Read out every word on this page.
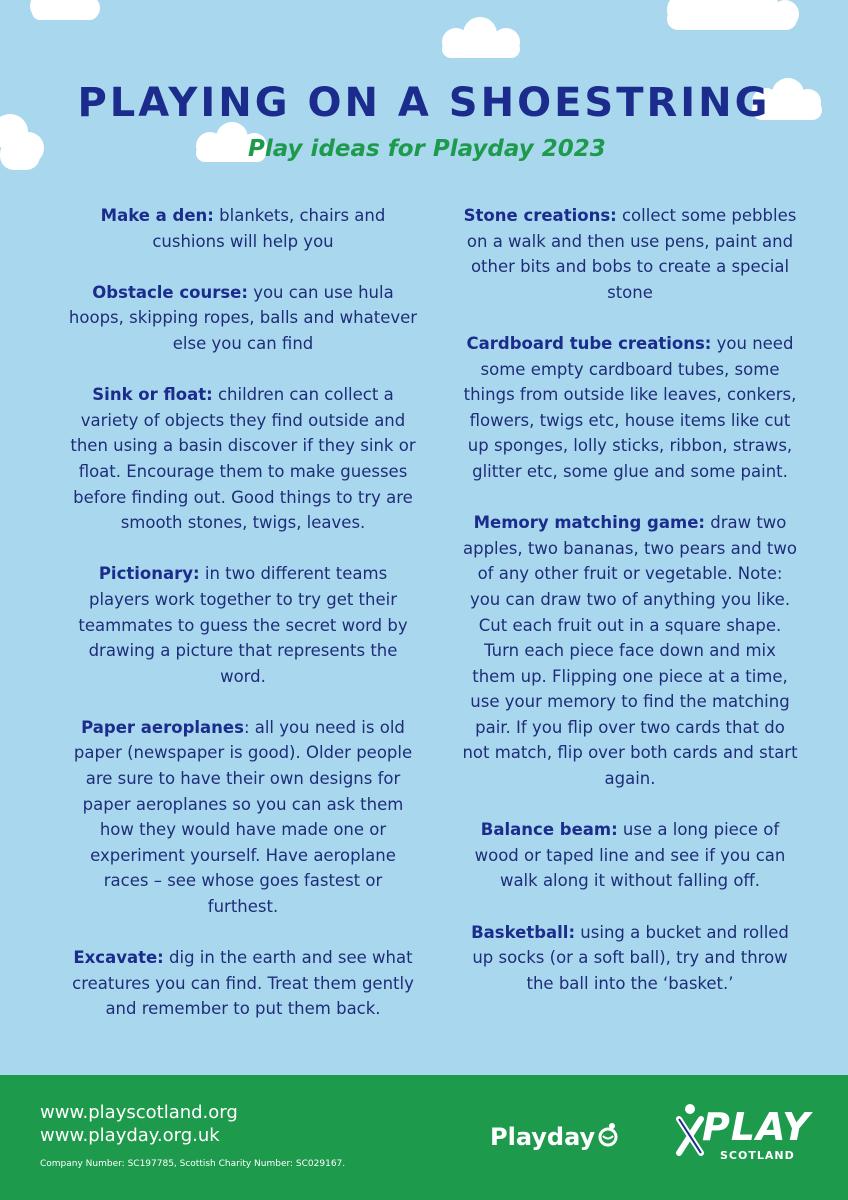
PLAYING ON A SHOESTRING
Play ideas for Playday 2023
Make a den: blankets, chairs and cushions will help you
Obstacle course: you can use hula hoops, skipping ropes, balls and whatever else you can find
Sink or float: children can collect a variety of objects they find outside and then using a basin discover if they sink or float. Encourage them to make guesses before finding out. Good things to try are smooth stones, twigs, leaves.
Pictionary: in two different teams players work together to try get their teammates to guess the secret word by drawing a picture that represents the word.
Paper aeroplanes: all you need is old paper (newspaper is good). Older people are sure to have their own designs for paper aeroplanes so you can ask them how they would have made one or experiment yourself. Have aeroplane races – see whose goes fastest or furthest.
Excavate: dig in the earth and see what creatures you can find. Treat them gently and remember to put them back.
Stone creations: collect some pebbles on a walk and then use pens, paint and other bits and bobs to create a special stone
Cardboard tube creations: you need some empty cardboard tubes, some things from outside like leaves, conkers, flowers, twigs etc, house items like cut up sponges, lolly sticks, ribbon, straws, glitter etc, some glue and some paint.
Memory matching game: draw two apples, two bananas, two pears and two of any other fruit or vegetable. Note: you can draw two of anything you like. Cut each fruit out in a square shape. Turn each piece face down and mix them up. Flipping one piece at a time, use your memory to find the matching pair. If you flip over two cards that do not match, flip over both cards and start again.
Balance beam: use a long piece of wood or taped line and see if you can walk along it without falling off.
Basketball: using a bucket and rolled up socks (or a soft ball), try and throw the ball into the ‘basket.’
www.playscotland.org
www.playday.org.uk
Company Number: SC197785, Scottish Charity Number: SC029167.
Playday	PLAY
SCOTLAND
